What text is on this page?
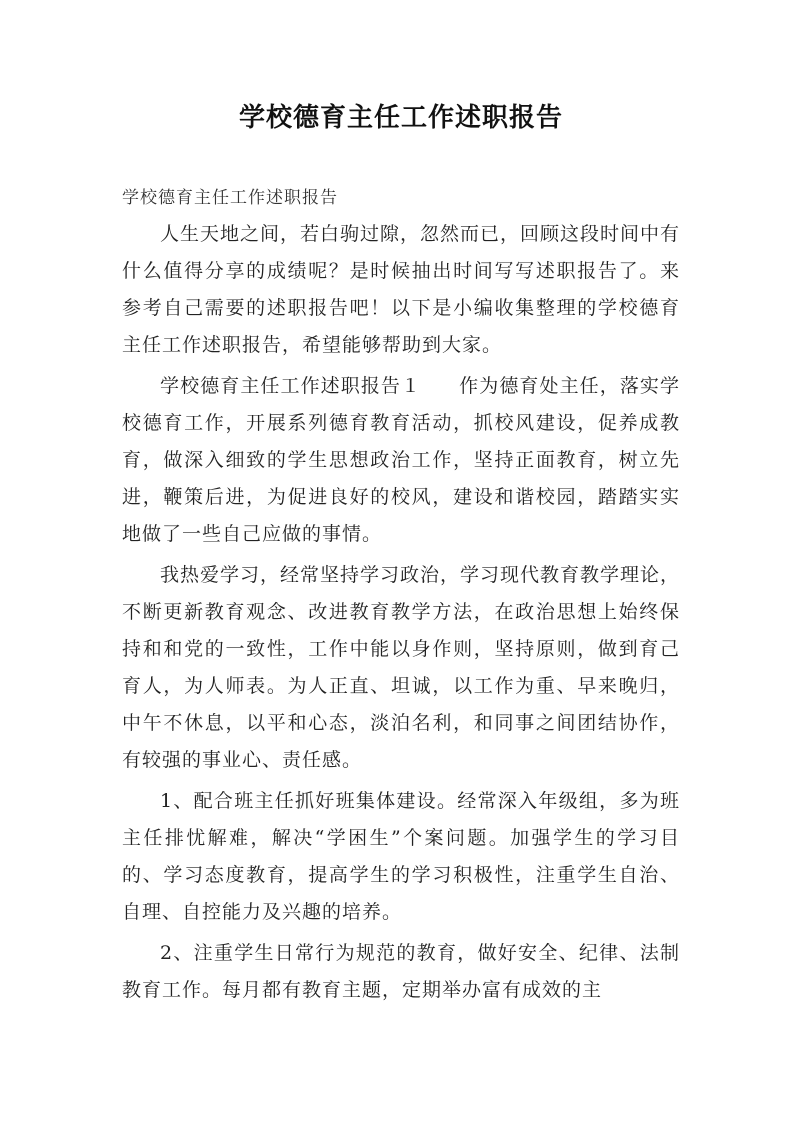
学校德育主任工作述职报告
学校德育主任工作述职报告

人生天地之间，若白驹过隙，忽然而已，回顾这段时间中有什么值得分享的成绩呢？是时候抽出时间写写述职报告了。来参考自己需要的述职报告吧！以下是小编收集整理的学校德育主任工作述职报告，希望能够帮助到大家。

学校德育主任工作述职报告１ 作为德育处主任，落实学校德育工作，开展系列德育教育活动，抓校风建设，促养成教育，做深入细致的学生思想政治工作，坚持正面教育，树立先进，鞭策后进，为促进良好的校风，建设和谐校园，踏踏实实地做了一些自己应做的事情。

我热爱学习，经常坚持学习政治，学习现代教育教学理论，不断更新教育观念、改进教育教学方法，在政治思想上始终保持和和党的一致性，工作中能以身作则，坚持原则，做到育己育人，为人师表。为人正直、坦诚，以工作为重、早来晚归，中午不休息，以平和心态，淡泊名利，和同事之间团结协作，有较强的事业心、责任感。

1、配合班主任抓好班集体建设。经常深入年级组，多为班主任排忧解难，解决“学困生”个案问题。加强学生的学习目的、学习态度教育，提高学生的学习积极性，注重学生自治、自理、自控能力及兴趣的培养。

2、注重学生日常行为规范的教育，做好安全、纪律、法制教育工作。每月都有教育主题，定期举办富有成效的主
